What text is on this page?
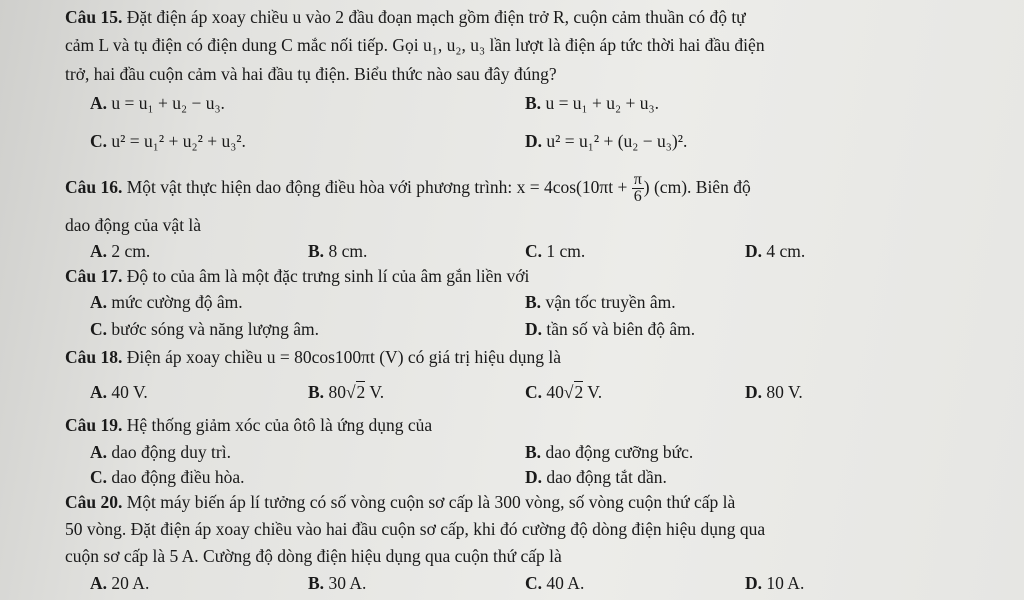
Câu 15. Đặt điện áp xoay chiều u vào 2 đầu đoạn mạch gồm điện trở R, cuộn cảm thuần có độ tự
cảm L và tụ điện có điện dung C mắc nối tiếp. Gọi u₁, u₂, u₃ lần lượt là điện áp tức thời hai đầu điện
trở, hai đầu cuộn cảm và hai đầu tụ điện. Biểu thức nào sau đây đúng?
A. u = u₁ + u₂ − u₃.	B. u = u₁ + u₂ + u₃.
C. u² = u₁² + u₂² + u₃².	D. u² = u₁² + (u₂ − u₃)².
Câu 16. Một vật thực hiện dao động điều hòa với phương trình: $x = 4\cos(10\pi t + \frac{\pi}{6}$ ) (cm). Biên độ
dao động của vật là
A. 2 cm.	B. 8 cm.	C. 1 cm.	D. 4 cm.
Câu 17. Độ to của âm là một đặc trưng sinh lí của âm gắn liền với
A. mức cường độ âm.	B. vận tốc truyền âm.
C. bước sóng và năng lượng âm.	D. tần số và biên độ âm.
Câu 18. Điện áp xoay chiều u = 80cos100πt (V) có giá trị hiệu dụng là
A. 40 V.	B. 80√2 V.	C. 40√2 V.	D. 80 V.
Câu 19. Hệ thống giảm xóc của ôtô là ứng dụng của
A. dao động duy trì.	B. dao động cưỡng bức.
C. dao động điều hòa.	D. dao động tắt dần.
Câu 20. Một máy biến áp lí tưởng có số vòng cuộn sơ cấp là 300 vòng, số vòng cuộn thứ cấp là
50 vòng. Đặt điện áp xoay chiều vào hai đầu cuộn sơ cấp, khi đó cường độ dòng điện hiệu dụng qua
cuộn sơ cấp là 5 A. Cường độ dòng điện hiệu dụng qua cuộn thứ cấp là
A. 20 A.	B. 30 A.	C. 40 A.	D. 10 A.
